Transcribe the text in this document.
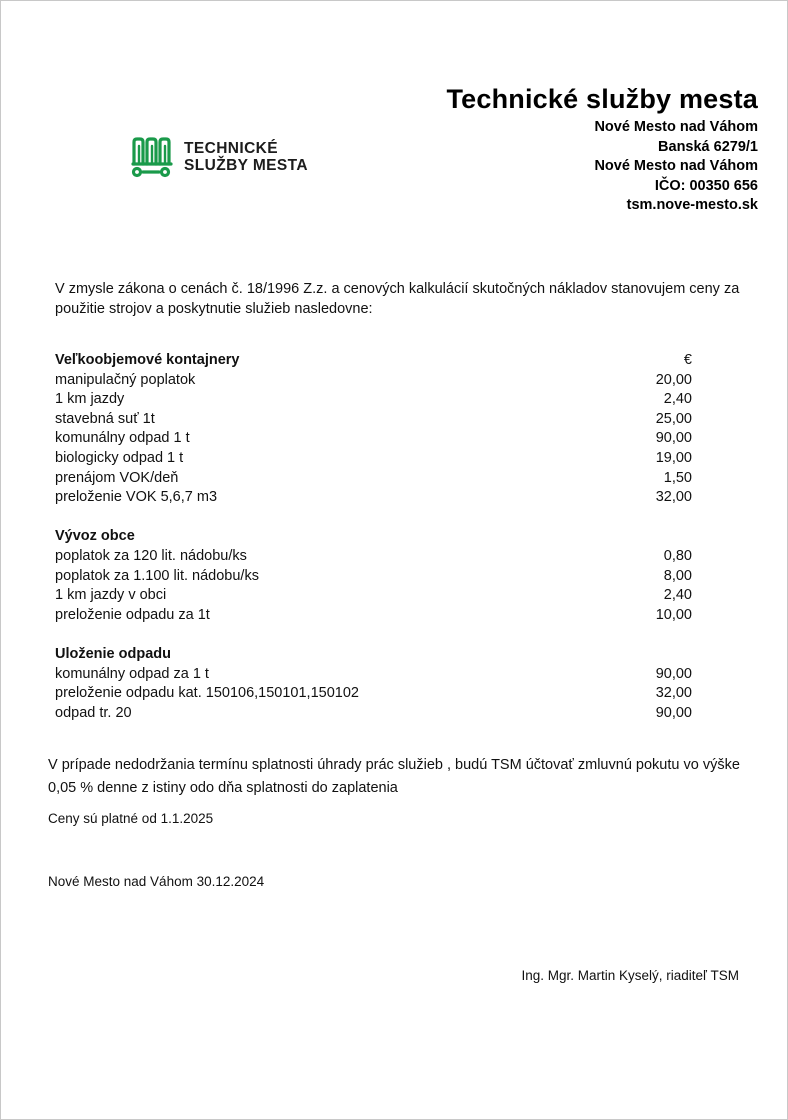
TECHNICKÉ
SLUŽBY MESTA
Technické služby mesta
Nové Mesto nad Váhom
Banská 6279/1
Nové Mesto nad Váhom
IČO: 00350 656
tsm.nove-mesto.sk
V zmysle zákona o cenách č. 18/1996 Z.z. a cenových kalkulácií skutočných nákladov stanovujem ceny za použitie strojov a poskytnutie služieb nasledovne:
Veľkoobjemové kontajnery	€
manipulačný poplatok	20,00
1 km jazdy	2,40
stavebná suť 1t	25,00
komunálny odpad 1 t	90,00
biologicky odpad 1 t	19,00
prenájom VOK/deň	1,50
preloženie VOK 5,6,7 m3	32,00
Vývoz obce
poplatok za 120 lit. nádobu/ks	0,80
poplatok za 1.100 lit. nádobu/ks	8,00
1 km jazdy v obci	2,40
preloženie odpadu za 1t	10,00
Uloženie odpadu
komunálny odpad za 1 t	90,00
preloženie odpadu kat. 150106,150101,150102	32,00
odpad tr. 20	90,00
V prípade nedodržania termínu splatnosti úhrady prác služieb , budú TSM účtovať zmluvnú pokutu vo výške 0,05 % denne z istiny odo dňa splatnosti do zaplatenia
Ceny sú platné od 1.1.2025
Nové Mesto nad Váhom 30.12.2024
Ing. Mgr. Martin Kyselý, riaditeľ TSM
